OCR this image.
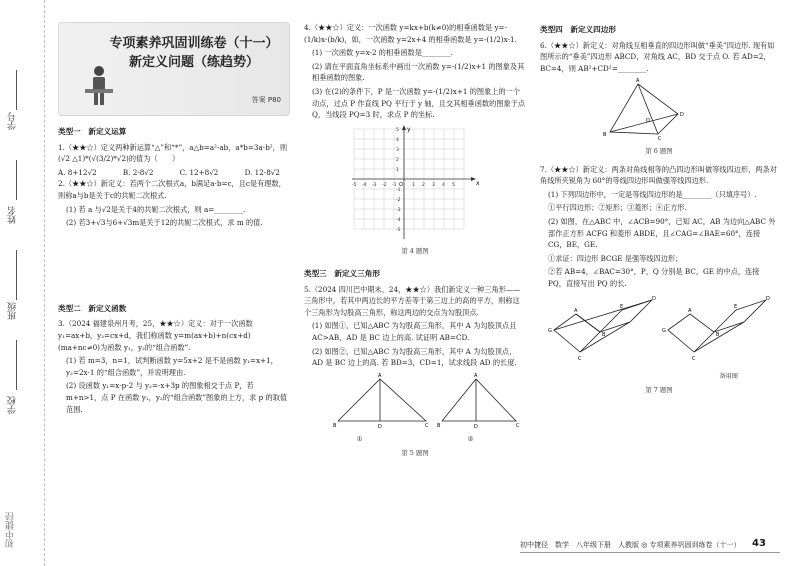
学号
姓名
班级
学校
初中捷径
专项素养巩固训练卷（十一）
新定义问题（练趋势）
答案 P80
类型一　新定义运算
1.（★★☆）定义两种新运算“△”和“*”，a△b=a²-ab，a*b=3a-b²，则(√2 △1)*(√(3/2)*√2)的值为（　　）
A. 8+12√2	B. 2-8√2	C. 12+8√2	D. 12-8√2
2.（★★☆）新定义：若两个二次根式a，b满足a·b=c，且c是有理数，则称a与b是关于c的共轭二次根式.
(1) 若 a 与√2是关于4的共轭二次根式，则 a=________.
(2) 若3+√3与6+√3m是关于12的共轭二次根式，求 m 的值.
类型二　新定义函数
3.（2024 福建泉州月考，25，★★☆）定义：对于一次函数 y₁=ax+b，y₂=cx+d，我们称函数 y=m(ax+b)+n(cx+d)(ma+nc≠0)为函数 y₁，y₂的“组合函数”.
(1) 若 m=3，n=1，试判断函数 y=5x+2 是不是函数 y₁=x+1，y₂=2x-1 的“组合函数”，并说明理由.
(2) 设函数 y₁=x-p-2 与 y₂=-x+3p 的图象相交于点 P，若 m+n>1，点 P 在函数 y₁，y₂的“组合函数”图象的上方，求 p 的取值范围.
4.（★★☆）定义：一次函数 y=kx+b(k≠0)的相垂函数是 y=-(1/k)x-(b/k)，如，一次函数 y=2x+4 的相垂函数是 y=-(1/2)x-1.
(1) 一次函数 y=x-2 的相垂函数是________.
(2) 请在平面直角坐标系中画出一次函数 y=-(1/2)x+1 的图象及其相垂函数的图象.
(3) 在(2)的条件下，P 是一次函数 y=-(1/2)x+1 的图象上的一个动点，过点 P 作直线 PQ 平行于 y 轴，且交其相垂函数的图象于点 Q，当线段 PQ=3 时，求点 P 的坐标.
y
x
O
-5 -4 -3 -2 -1	1 2 3 4 5
-5
-4
-3
-2
-1
1
2
3
4
5
第 4 题图
类型三　新定义三角形
5.（2024 四川巴中期末，24，★★☆）我们新定义一种三角形——三角形中，若其中两边长的平方差等于第三边上的高的平方，则称这个三角形为勾股高三角形，称这两边的交点为勾股顶点.
(1) 如图①，已知△ABC 为勾股高三角形，其中 A 为勾股顶点且 AC>AB，AD 是 BC 边上的高. 试证明 AB=CD.
(2) 如图②，已知△ABC 为勾股高三角形，其中 A 为勾股顶点，AD 是 BC 边上的高. 若 BD=3，CD=1，试求线段 AD 的长度.
A
B	D	C
A
B	D	C
①	②
第 5 题图
类型四　新定义四边形
6.（★★☆）新定义：对角线互相垂直的四边形叫做“垂美”四边形. 现有如图所示的“垂美”四边形 ABCD，对角线 AC，BD 交于点 O. 若 AD=2，BC=4，则 AB²+CD²=________.
A
B
C
D
O
第 6 题图
7.（★★☆）新定义：两条对角线相等的凸四边形叫做等线四边形，两条对角线所夹锐角为 60°的等线四边形叫做强等线四边形.
(1) 下列四边形中，一定是等线四边形的是________（只填序号）.
①平行四边形；②矩形；③菱形；④正方形.
(2) 如图，在△ABC 中，∠ACB=90°，已知 AC，AB 为边向△ABC 外部作正方形 ACFG 和菱形 ABDE，且∠CAG=∠BAE=60°，连接 CG，BE，GE.
①求证：四边形 BCGE 是强等线四边形；
②若 AB=4，∠BAC=30°，P，Q 分别是 BC，GE 的中点，连接 PQ，直接写出 PQ 的长.
G
A
B
C
D
E
G
A
B
C
D
E
备用图
第 7 题图
初中捷径　数学　八年级下册　人教版 ◎ 专项素养巩固训练卷（十一） 43
